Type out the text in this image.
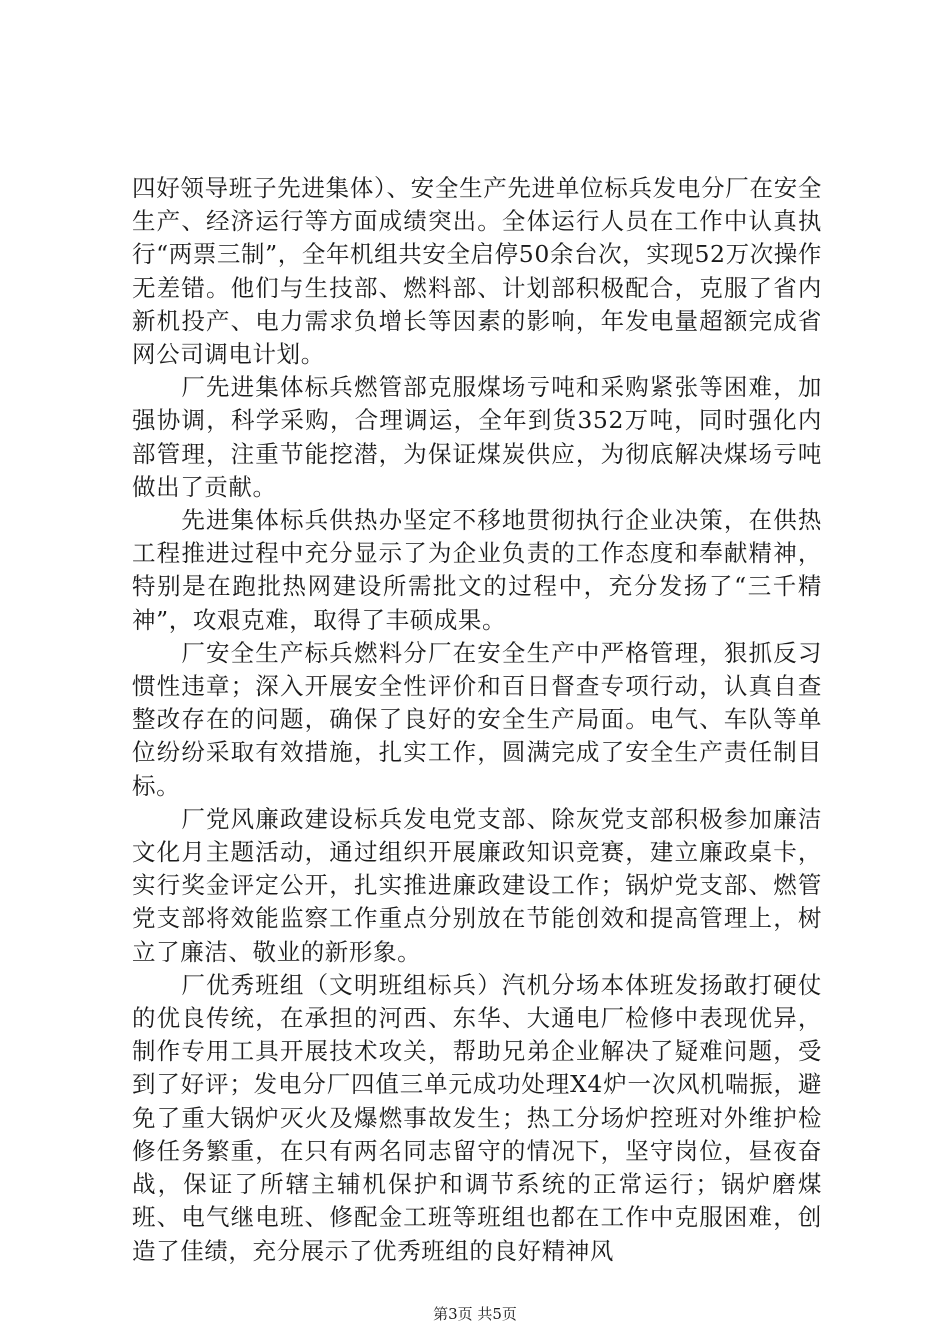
四好领导班子先进集体）、安全生产先进单位标兵发电分厂在安全生产、经济运行等方面成绩突出。全体运行人员在工作中认真执行“两票三制”，全年机组共安全启停50余台次，实现52万次操作无差错。他们与生技部、燃料部、计划部积极配合，克服了省内新机投产、电力需求负增长等因素的影响，年发电量超额完成省网公司调电计划。

　　厂先进集体标兵燃管部克服煤场亏吨和采购紧张等困难，加强协调，科学采购，合理调运，全年到货352万吨，同时强化内部管理，注重节能挖潜，为保证煤炭供应，为彻底解决煤场亏吨做出了贡献。

　　先进集体标兵供热办坚定不移地贯彻执行企业决策，在供热工程推进过程中充分显示了为企业负责的工作态度和奉献精神，特别是在跑批热网建设所需批文的过程中，充分发扬了“三千精神”，攻艰克难，取得了丰硕成果。

　　厂安全生产标兵燃料分厂在安全生产中严格管理，狠抓反习惯性违章；深入开展安全性评价和百日督查专项行动，认真自查整改存在的问题，确保了良好的安全生产局面。电气、车队等单位纷纷采取有效措施，扎实工作，圆满完成了安全生产责任制目标。

　　厂党风廉政建设标兵发电党支部、除灰党支部积极参加廉洁文化月主题活动，通过组织开展廉政知识竞赛，建立廉政桌卡，实行奖金评定公开，扎实推进廉政建设工作；锅炉党支部、燃管党支部将效能监察工作重点分别放在节能创效和提高管理上，树立了廉洁、敬业的新形象。

　　厂优秀班组（文明班组标兵）汽机分场本体班发扬敢打硬仗的优良传统，在承担的河西、东华、大通电厂检修中表现优异，制作专用工具开展技术攻关，帮助兄弟企业解决了疑难问题，受到了好评；发电分厂四值三单元成功处理X4炉一次风机喘振，避免了重大锅炉灭火及爆燃事故发生；热工分场炉控班对外维护检修任务繁重，在只有两名同志留守的情况下，坚守岗位，昼夜奋战，保证了所辖主辅机保护和调节系统的正常运行；锅炉磨煤班、电气继电班、修配金工班等班组也都在工作中克服困难，创造了佳绩，充分展示了优秀班组的良好精神风

第3页 共5页
